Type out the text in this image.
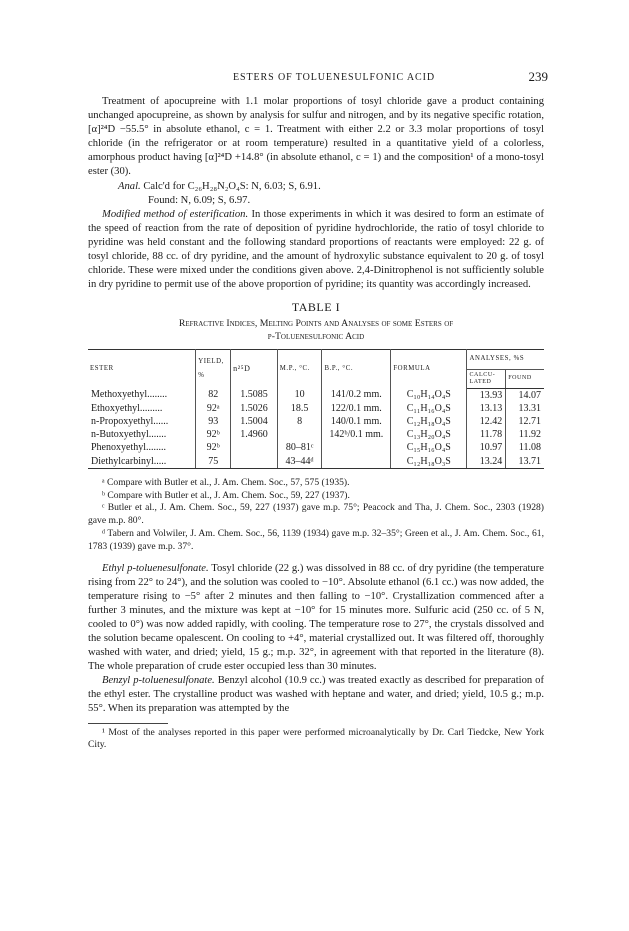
ESTERS OF TOLUENESULFONIC ACID	239

Treatment of apocupreine with 1.1 molar proportions of tosyl chloride gave a product containing unchanged apocupreine, as shown by analysis for sulfur and nitrogen, and by its negative specific rotation, [α]²⁴D −55.5° in absolute ethanol, c = 1. Treatment with either 2.2 or 3.3 molar proportions of tosyl chloride (in the refrigerator or at room temperature) resulted in a quantitative yield of a colorless, amorphous product having [α]²⁴D +14.8° (in absolute ethanol, c = 1) and the composition¹ of a mono-tosyl ester (30).

Anal. Calc'd for C₂₆H₂₈N₂O₄S: N, 6.03; S, 6.91.

Found: N, 6.09; S, 6.97.

Modified method of esterification. In those experiments in which it was desired to form an estimate of the speed of reaction from the rate of deposition of pyridine hydrochloride, the ratio of tosyl chloride to pyridine was held constant and the following standard proportions of reactants were employed: 22 g. of tosyl chloride, 88 cc. of dry pyridine, and the amount of hydroxylic substance equivalent to 20 g. of tosyl chloride. These were mixed under the conditions given above. 2,4-Dinitrophenol is not sufficiently soluble in dry pyridine to permit use of the above proportion of pyridine; its quantity was accordingly increased.

TABLE I
Refractive Indices, Melting Points and Analyses of some Esters of
p-Toluenesulfonic Acid
ESTER	YIELD, %	n²⁵D	M.P., °C.	B.P., °C.	FORMULA	ANALYSES, %S	
						CALCU- LATED	FOUND
Methoxyethyl........	82	1.5085	10	141/0.2 mm.	C₁₀H₁₄O₄S	13.93	14.07
Ethoxyethyl.........	92ᵃ	1.5026	18.5	122/0.1 mm.	C₁₁H₁₆O₄S	13.13	13.31
n-Propoxyethyl......	93	1.5004	8	140/0.1 mm.	C₁₂H₁₈O₄S	12.42	12.71
n-Butoxyethyl.......	92ᵇ	1.4960		142ᵇ/0.1 mm.	C₁₃H₂₀O₄S	11.78	11.92
Phenoxyethyl........	92ᵇ		80–81ᶜ		C₁₅H₁₆O₄S	10.97	11.08
Diethylcarbinyl.....	75		43–44ᵈ		C₁₂H₁₈O₃S	13.24	13.71

ᵃ Compare with Butler et al., J. Am. Chem. Soc., 57, 575 (1935).

ᵇ Compare with Butler et al., J. Am. Chem. Soc., 59, 227 (1937).

ᶜ Butler et al., J. Am. Chem. Soc., 59, 227 (1937) gave m.p. 75°; Peacock and Tha, J. Chem. Soc., 2303 (1928) gave m.p. 80°.

ᵈ Tabern and Volwiler, J. Am. Chem. Soc., 56, 1139 (1934) gave m.p. 32–35°; Green et al., J. Am. Chem. Soc., 61, 1783 (1939) gave m.p. 37°.

Ethyl p-toluenesulfonate. Tosyl chloride (22 g.) was dissolved in 88 cc. of dry pyridine (the temperature rising from 22° to 24°), and the solution was cooled to −10°. Absolute ethanol (6.1 cc.) was now added, the temperature rising to −5° after 2 minutes and then falling to −10°. Crystallization commenced after a further 3 minutes, and the mixture was kept at −10° for 15 minutes more. Sulfuric acid (250 cc. of 5 N, cooled to 0°) was now added rapidly, with cooling. The temperature rose to 27°, the crystals dissolved and the solution became opalescent. On cooling to +4°, material crystallized out. It was filtered off, thoroughly washed with water, and dried; yield, 15 g.; m.p. 32°, in agreement with that reported in the literature (8). The whole preparation of crude ester occupied less than 30 minutes.

Benzyl p-toluenesulfonate. Benzyl alcohol (10.9 cc.) was treated exactly as described for preparation of the ethyl ester. The crystalline product was washed with heptane and water, and dried; yield, 10.5 g.; m.p. 55°. When its preparation was attempted by the

¹ Most of the analyses reported in this paper were performed microanalytically by Dr. Carl Tiedcke, New York City.
